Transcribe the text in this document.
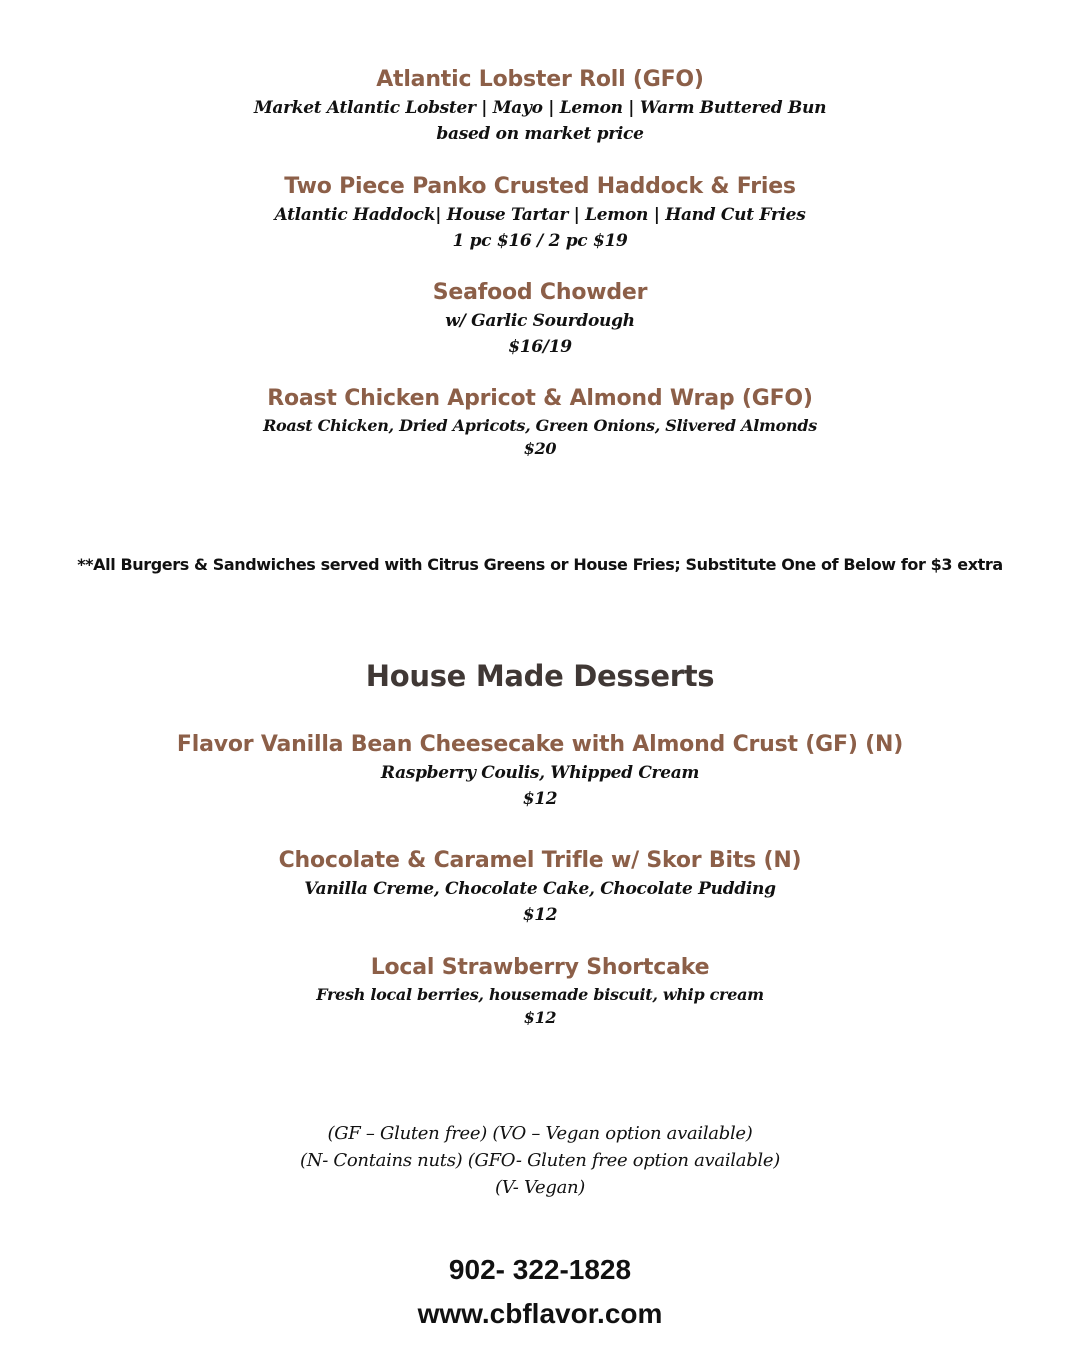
Atlantic Lobster Roll (GFO)
Market Atlantic Lobster | Mayo | Lemon | Warm Buttered Bun
based on market price
Two Piece Panko Crusted Haddock & Fries
Atlantic Haddock| House Tartar | Lemon | Hand Cut Fries
1 pc $16 / 2 pc $19
Seafood Chowder
w/ Garlic Sourdough
$16/19
Roast Chicken Apricot & Almond Wrap (GFO)
Roast Chicken, Dried Apricots, Green Onions, Slivered Almonds
$20
**All Burgers & Sandwiches served with Citrus Greens or House Fries; Substitute One of Below for $3 extra
House Made Desserts
Flavor Vanilla Bean Cheesecake with Almond Crust (GF) (N)
Raspberry Coulis, Whipped Cream
$12
Chocolate & Caramel Trifle w/ Skor Bits (N)
Vanilla Creme, Chocolate Cake, Chocolate Pudding
$12
Local Strawberry Shortcake
Fresh local berries, housemade biscuit, whip cream
$12
(GF – Gluten free) (VO – Vegan option available)
(N- Contains nuts) (GFO- Gluten free option available)
(V- Vegan)
902- 322-1828
www.cbflavor.com
